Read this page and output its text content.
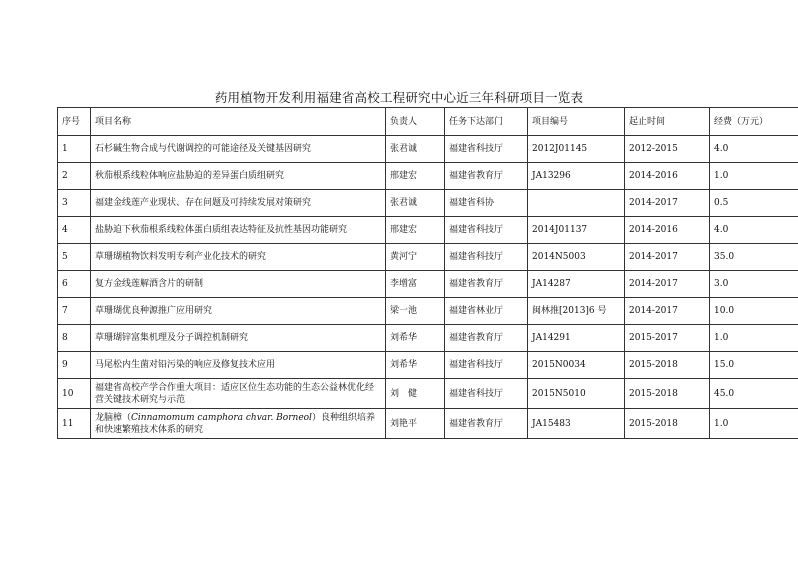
药用植物开发利用福建省高校工程研究中心近三年科研项目一览表
序号	项目名称	负责人	任务下达部门	项目编号	起止时间	经费（万元）
1	石杉碱生物合成与代谢调控的可能途径及关键基因研究	张君诚	福建省科技厅	2012J01145	2012-2015	4.0
2	秋茄根系线粒体响应盐胁迫的差异蛋白质组研究	邢建宏	福建省教育厅	JA13296	2014-2016	1.0
3	福建金线莲产业现状、存在问题及可持续发展对策研究	张君诚	福建省科协		2014-2017	0.5
4	盐胁迫下秋茄根系线粒体蛋白质组表达特征及抗性基因功能研究	邢建宏	福建省科技厅	2014J01137	2014-2016	4.0
5	草珊瑚植物饮料发明专利产业化技术的研究	黄河宁	福建省科技厅	2014N5003	2014-2017	35.0
6	复方金线莲解酒含片的研制	李增富	福建省教育厅	JA14287	2014-2017	3.0
7	草珊瑚优良种源推广应用研究	梁一池	福建省林业厅	闽林推[2013]6 号	2014-2017	10.0
8	草珊瑚锌富集机理及分子调控机制研究	刘希华	福建省教育厅	JA14291	2015-2017	1.0
9	马尾松内生菌对铅污染的响应及修复技术应用	刘希华	福建省科技厅	2015N0034	2015-2018	15.0
10	福建省高校产学合作重大项目：适应区位生态功能的生态公益林优化经营关键技术研究与示范	刘　健	福建省科技厅	2015N5010	2015-2018	45.0
11	龙脑樟（Cinnamomum camphora chvar. Borneol）良种组织培养和快速繁殖技术体系的研究	刘艳平	福建省教育厅	JA15483	2015-2018	1.0
